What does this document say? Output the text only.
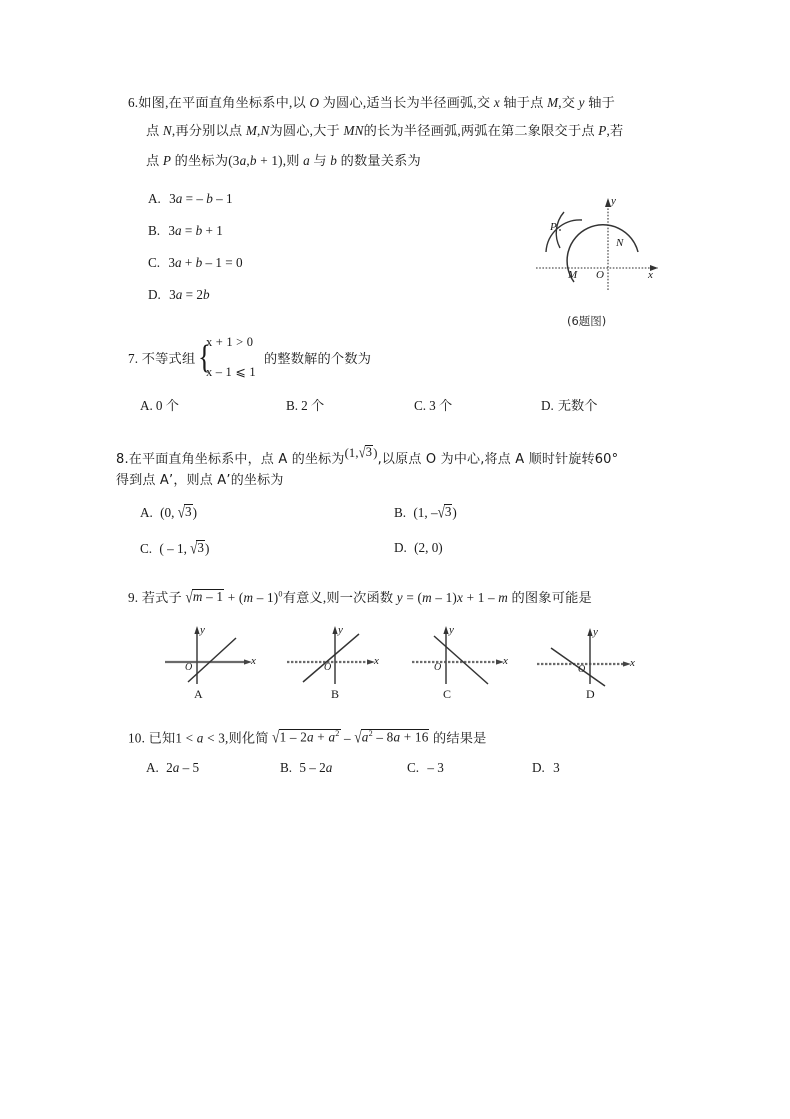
6.如图,在平面直角坐标系中,以 O 为圆心,适当长为半径画弧,交 x 轴于点 M,交 y 轴于
点 N,再分别以点 M,N为圆心,大于 MN的长为半径画弧,两弧在第二象限交于点 P,若
点 P 的坐标为(3a,b + 1),则 a 与 b 的数量关系为
A. 3a = – b – 1
B. 3a = b + 1
C. 3a + b – 1 = 0
D. 3a = 2b
x
y
O
P
N
M
(6题图)
7. 不等式组 {
x + 1 > 0
x – 1 ⩽ 1
的整数解的个数为
A. 0 个	B. 2 个	C. 3 个	D. 无数个
8.在平面直角坐标系中，点 A 的坐标为(1,√3),以原点 O 为中心,将点 A 顺时针旋转60°
得到点 A’，则点 A’的坐标为
A. (0, √3)	B. (1, –√3)
C. ( – 1, √3)	D. (2, 0)
9. 若式子 √m – 1 + (m – 1)$^0$有意义,则一次函数 y = (m – 1)x + 1 – m 的图象可能是
x
y
O
A
x
y
O
B
x
y
O
C
x
y
O
D
10. 已知1 < a < 3,则化简 $√1 - 2a + a^2 - √a^2 - 8a + 16$ 的结果是
A. 2a – 5	B. 5 – 2a	C. – 3	D. 3
